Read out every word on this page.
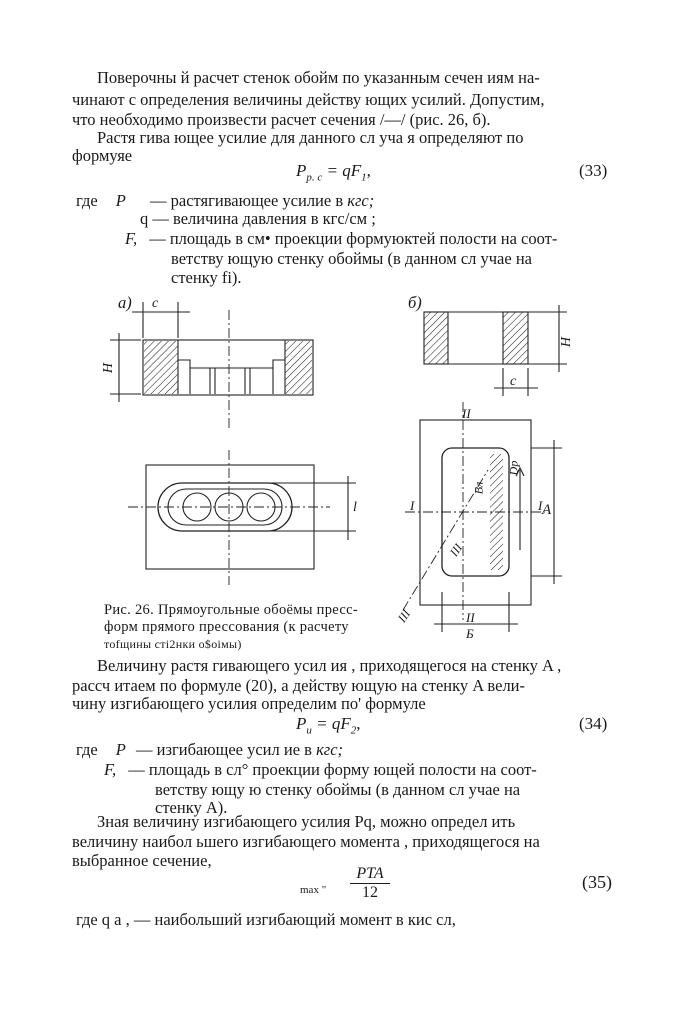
Поверочны й расчет стенок обойм по указанным сечен иям на-
чинают с определения величины действу ющих усилий. Допустим,
что необходимо произвести расчет сечения /—/ (рис. 26, б).
Растя гива ющее усилие для данного сл уча я определяют по
формуяе
$P_{р. с} = qF_1$,	(33)
где P — растягивающее усилие в кгс;
q — величина давления в кгс/см ;
F, — площадь в см• проекции формуюктей полости на соот-
ветству ющую стенку обоймы (в данном сл учае на
стенку fi).
а)	б)
c
H
l
H
c
II
I	I A
Б
II
III
III
Dр
Bл
Рис. 26. Прямоугольные обоёмы пресс-
форм прямого прессования (к расчету
тоfщины стi2нки o$oiмы)
Величину растя гивающего усил ия , приходящегося на стенку A ,
рассч итаем по формуле (20), а действу ющую на стенку A вели-
чину изгибающего усилия определим по' формуле
$P_и = qF_2$,	(34)
где P — изгибающее усил ие в кгс;
F, — площадь в сл° проекции форму ющей полости на соот-
ветству ющу ю стенку обоймы (в данном сл учае на
стенку A).
Зная величину изгибающего усилия Pq, можно определ ить
величину наибол ьшего изгибающего момента , приходящегося на
выбранное сечение,
max "
PTA
12
(35)
где q a , — наибольший изгибающий момент в кис сл,
